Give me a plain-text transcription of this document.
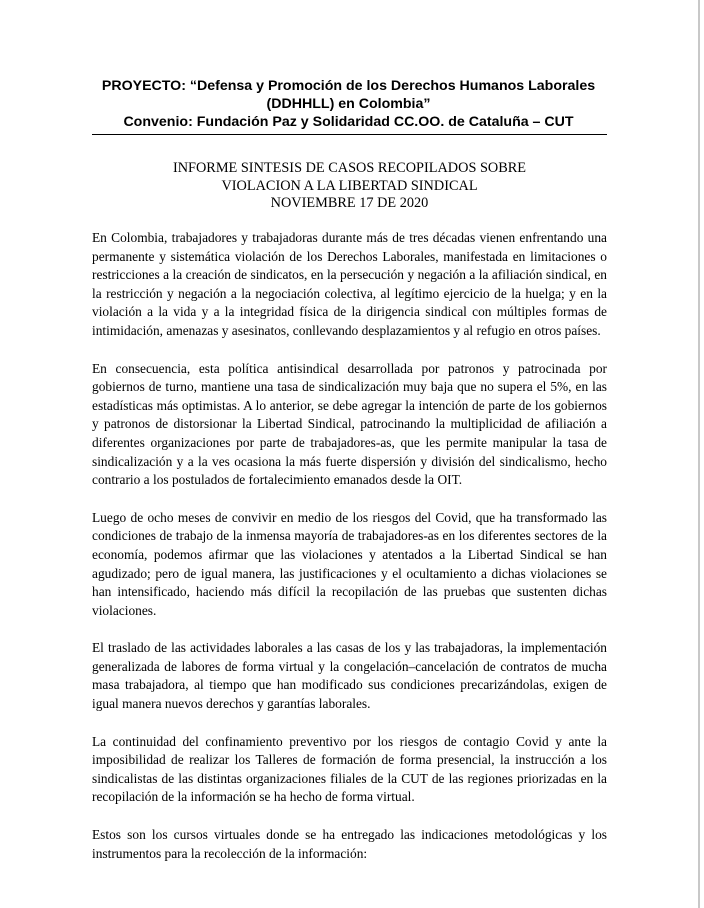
PROYECTO: “Defensa y Promoción de los Derechos Humanos Laborales
(DDHHLL) en Colombia”
Convenio: Fundación Paz y Solidaridad CC.OO. de Cataluña – CUT
INFORME SINTESIS DE CASOS RECOPILADOS SOBRE
VIOLACION A LA LIBERTAD SINDICAL
NOVIEMBRE 17 DE 2020

En Colombia, trabajadores y trabajadoras durante más de tres décadas vienen enfrentando una permanente y sistemática violación de los Derechos Laborales, manifestada en limitaciones o restricciones a la creación de sindicatos, en la persecución y negación a la afiliación sindical, en la restricción y negación a la negociación colectiva, al legítimo ejercicio de la huelga; y en la violación a la vida y a la integridad física de la dirigencia sindical con múltiples formas de intimidación, amenazas y asesinatos, conllevando desplazamientos y al refugio en otros países.

En consecuencia, esta política antisindical desarrollada por patronos y patrocinada por gobiernos de turno, mantiene una tasa de sindicalización muy baja que no supera el 5%, en las estadísticas más optimistas. A lo anterior, se debe agregar la intención de parte de los gobiernos y patronos de distorsionar la Libertad Sindical, patrocinando la multiplicidad de afiliación a diferentes organizaciones por parte de trabajadores-as, que les permite manipular la tasa de sindicalización y a la ves ocasiona la más fuerte dispersión y división del sindicalismo, hecho contrario a los postulados de fortalecimiento emanados desde la OIT.

Luego de ocho meses de convivir en medio de los riesgos del Covid, que ha transformado las condiciones de trabajo de la inmensa mayoría de trabajadores-as en los diferentes sectores de la economía, podemos afirmar que las violaciones y atentados a la Libertad Sindical se han agudizado; pero de igual manera, las justificaciones y el ocultamiento a dichas violaciones se han intensificado, haciendo más difícil la recopilación de las pruebas que sustenten dichas violaciones.

El traslado de las actividades laborales a las casas de los y las trabajadoras, la implementación generalizada de labores de forma virtual y la congelación–cancelación de contratos de mucha masa trabajadora, al tiempo que han modificado sus condiciones precarizándolas, exigen de igual manera nuevos derechos y garantías laborales.

La continuidad del confinamiento preventivo por los riesgos de contagio Covid y ante la imposibilidad de realizar los Talleres de formación de forma presencial, la instrucción a los sindicalistas de las distintas organizaciones filiales de la CUT de las regiones priorizadas en la recopilación de la información se ha hecho de forma virtual.

Estos son los cursos virtuales donde se ha entregado las indicaciones metodológicas y los instrumentos para la recolección de la información:
